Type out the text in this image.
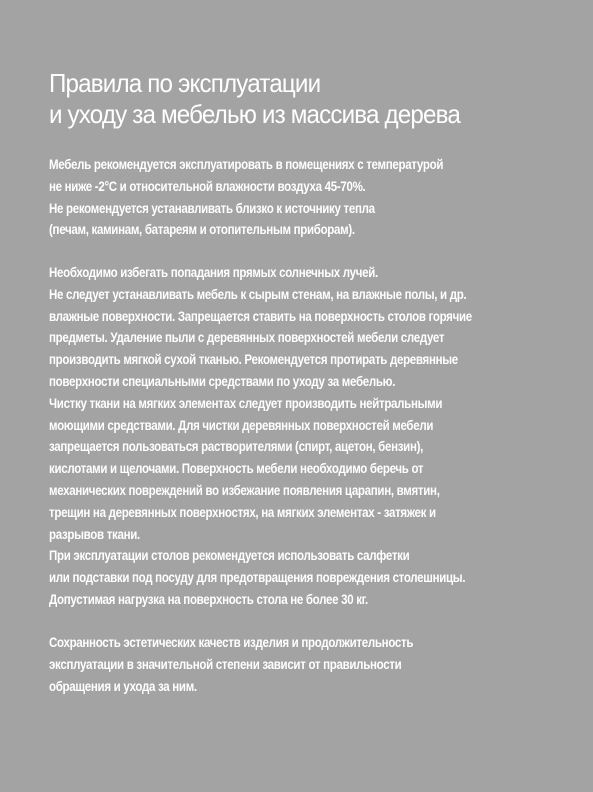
Правила по эксплуатации
и уходу за мебелью из массива дерева

Мебель рекомендуется эксплуатировать в помещениях с температурой
не ниже -2°С и относительной влажности воздуха 45-70%.
Не рекомендуется устанавливать близко к источнику тепла
(печам, каминам, батареям и отопительным приборам).

Необходимо избегать попадания прямых солнечных лучей.
Не следует устанавливать мебель к сырым стенам, на влажные полы, и др.
влажные поверхности. Запрещается ставить на поверхность столов горячие
предметы. Удаление пыли с деревянных поверхностей мебели следует
производить мягкой сухой тканью. Рекомендуется протирать деревянные
поверхности специальными средствами по уходу за мебелью.
Чистку ткани на мягких элементах следует производить нейтральными
моющими средствами. Для чистки деревянных поверхностей мебели
запрещается пользоваться растворителями (спирт, ацетон, бензин),
кислотами и щелочами. Поверхность мебели необходимо беречь от
механических повреждений во избежание появления царапин, вмятин,
трещин на деревянных поверхностях, на мягких элементах - затяжек и
разрывов ткани.

При эксплуатации столов рекомендуется использовать салфетки
или подставки под посуду для предотвращения повреждения столешницы.
Допустимая нагрузка на поверхность стола не более 30 кг.

Сохранность эстетических качеств изделия и продолжительность
эксплуатации в значительной степени зависит от правильности
обращения и ухода за ним.
